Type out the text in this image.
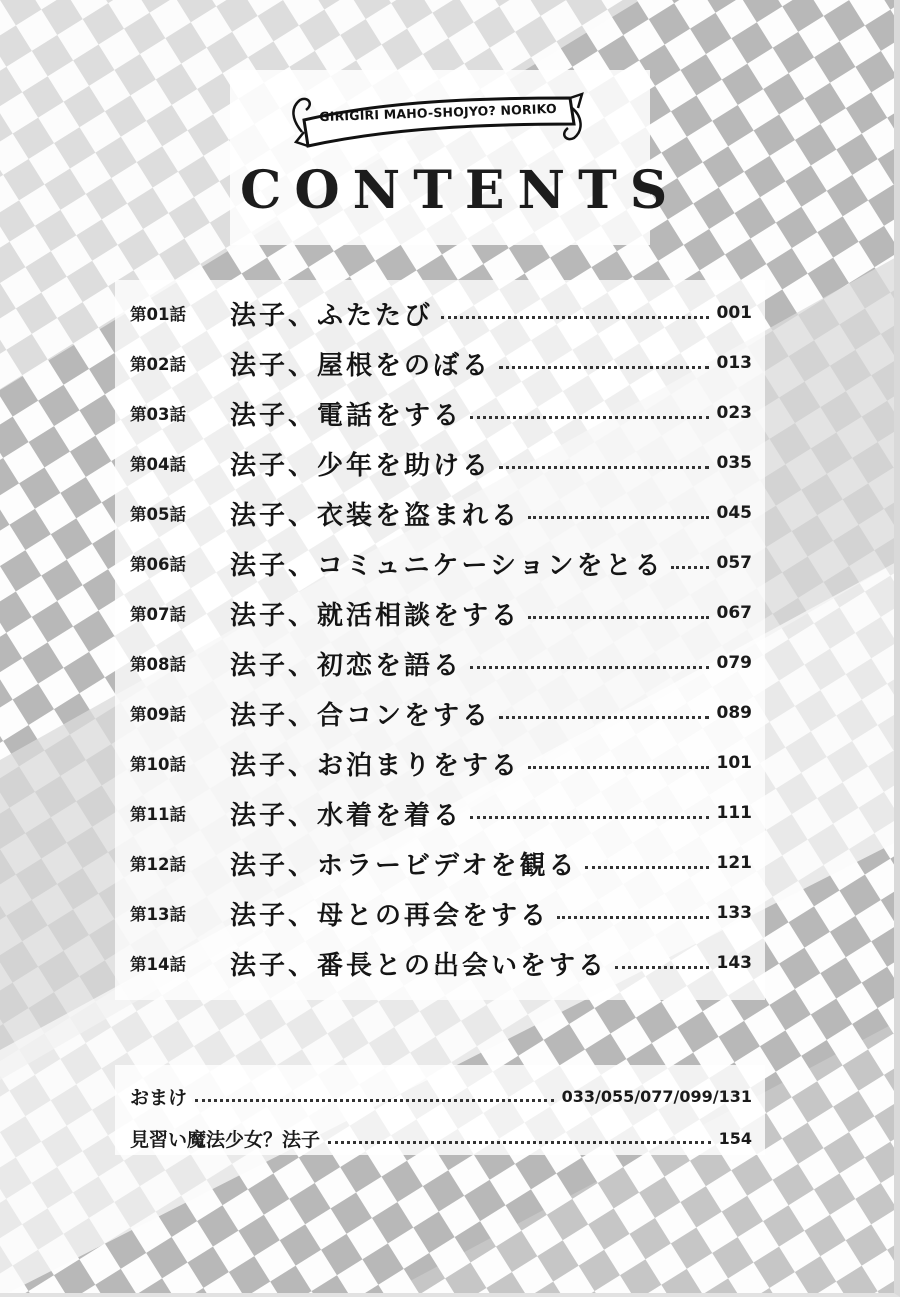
GIRIGIRI MAHO-SHOJYO? NORIKO
CONTENTS
第01話	法子、ふたたび	001
第02話	法子、屋根をのぼる	013
第03話	法子、電話をする	023
第04話	法子、少年を助ける	035
第05話	法子、衣装を盗まれる	045
第06話	法子、コミュニケーションをとる	057
第07話	法子、就活相談をする	067
第08話	法子、初恋を語る	079
第09話	法子、合コンをする	089
第10話	法子、お泊まりをする	101
第11話	法子、水着を着る	111
第12話	法子、ホラービデオを観る	121
第13話	法子、母との再会をする	133
第14話	法子、番長との出会いをする	143
おまけ	033/055/077/099/131
見習い魔法少女？法子	154
